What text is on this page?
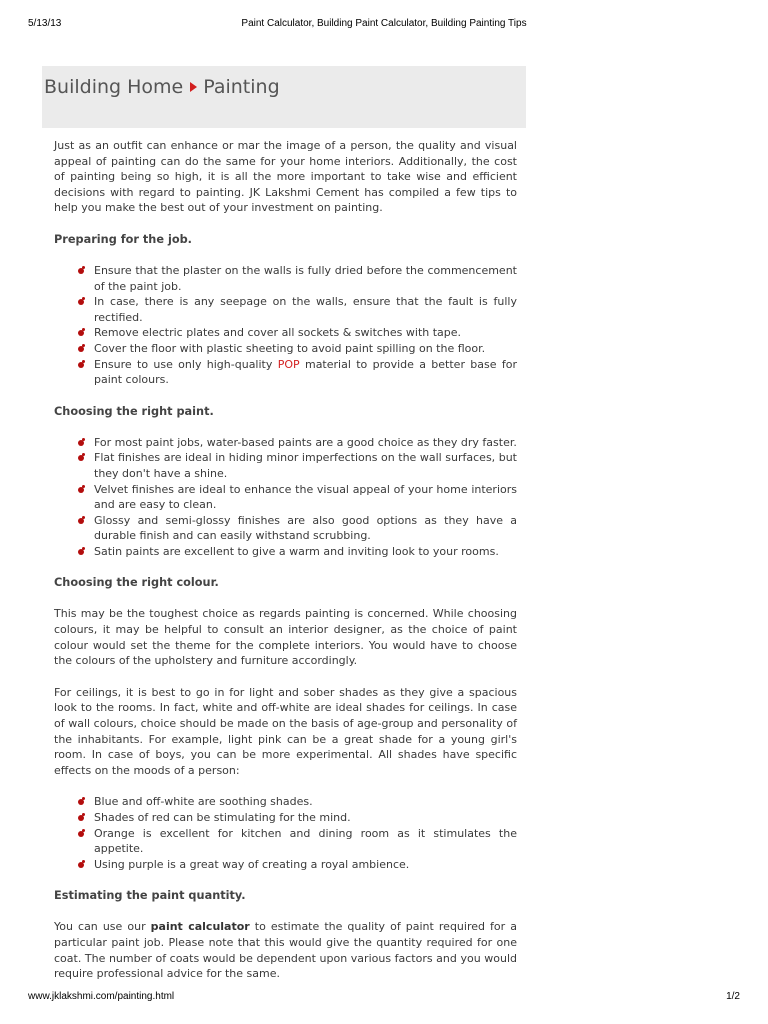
5/13/13	Paint Calculator, Building Paint Calculator, Building Painting Tips
Building Home Painting

Just as an outfit can enhance or mar the image of a person, the quality and visual appeal of painting can do the same for your home interiors. Additionally, the cost of painting being so high, it is all the more important to take wise and efficient decisions with regard to painting. JK Lakshmi Cement has compiled a few tips to help you make the best out of your investment on painting.

Preparing for the job.
Ensure that the plaster on the walls is fully dried before the commencement of the paint job.
In case, there is any seepage on the walls, ensure that the fault is fully rectified.
Remove electric plates and cover all sockets & switches with tape.
Cover the floor with plastic sheeting to avoid paint spilling on the floor.
Ensure to use only high-quality POP material to provide a better base for paint colours.
Choosing the right paint.
For most paint jobs, water-based paints are a good choice as they dry faster.
Flat finishes are ideal in hiding minor imperfections on the wall surfaces, but they don't have a shine.
Velvet finishes are ideal to enhance the visual appeal of your home interiors and are easy to clean.
Glossy and semi-glossy finishes are also good options as they have a durable finish and can easily withstand scrubbing.
Satin paints are excellent to give a warm and inviting look to your rooms.
Choosing the right colour.

This may be the toughest choice as regards painting is concerned. While choosing colours, it may be helpful to consult an interior designer, as the choice of paint colour would set the theme for the complete interiors. You would have to choose the colours of the upholstery and furniture accordingly.

For ceilings, it is best to go in for light and sober shades as they give a spacious look to the rooms. In fact, white and off-white are ideal shades for ceilings. In case of wall colours, choice should be made on the basis of age-group and personality of the inhabitants. For example, light pink can be a great shade for a young girl's room. In case of boys, you can be more experimental. All shades have specific effects on the moods of a person:

Blue and off-white are soothing shades.
Shades of red can be stimulating for the mind.
Orange is excellent for kitchen and dining room as it stimulates the appetite.
Using purple is a great way of creating a royal ambience.
Estimating the paint quantity.

You can use our paint calculator to estimate the quality of paint required for a particular paint job. Please note that this would give the quantity required for one coat. The number of coats would be dependent upon various factors and you would require professional advice for the same.

www.jklakshmi.com/painting.html	1/2
